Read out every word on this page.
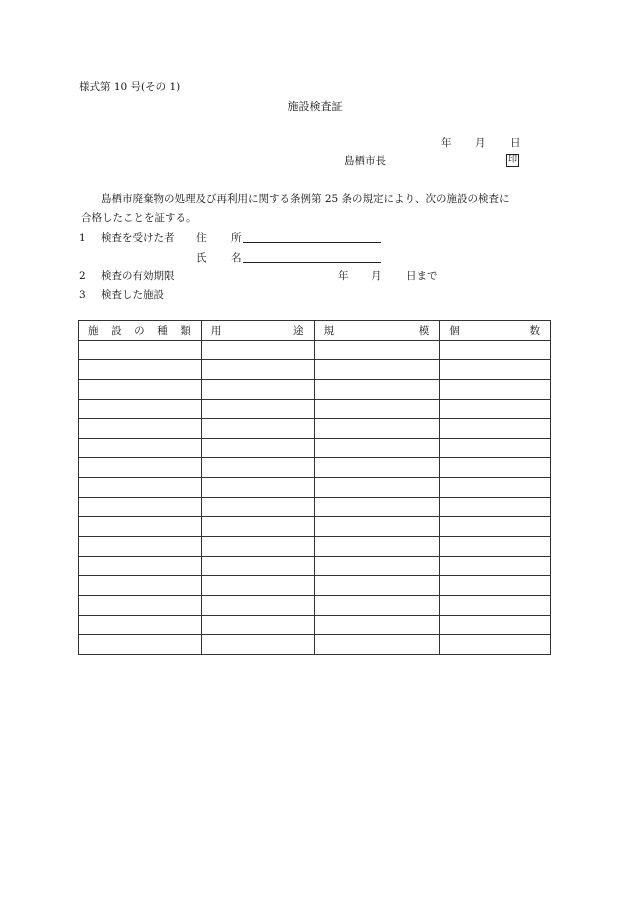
様式第 10 号(その 1)
施設検査証
年 月 日
島栖市長	印
島栖市廃棄物の処理及び再利用に関する条例第 25 条の規定により、次の施設の検査に
合格したことを証する。
1 検査を受けた者 住 所
氏 名
2 検査の有効期限	年 月 日まで
3 検査した施設
施 設 の 種 類	用 途	規 模	個 数
